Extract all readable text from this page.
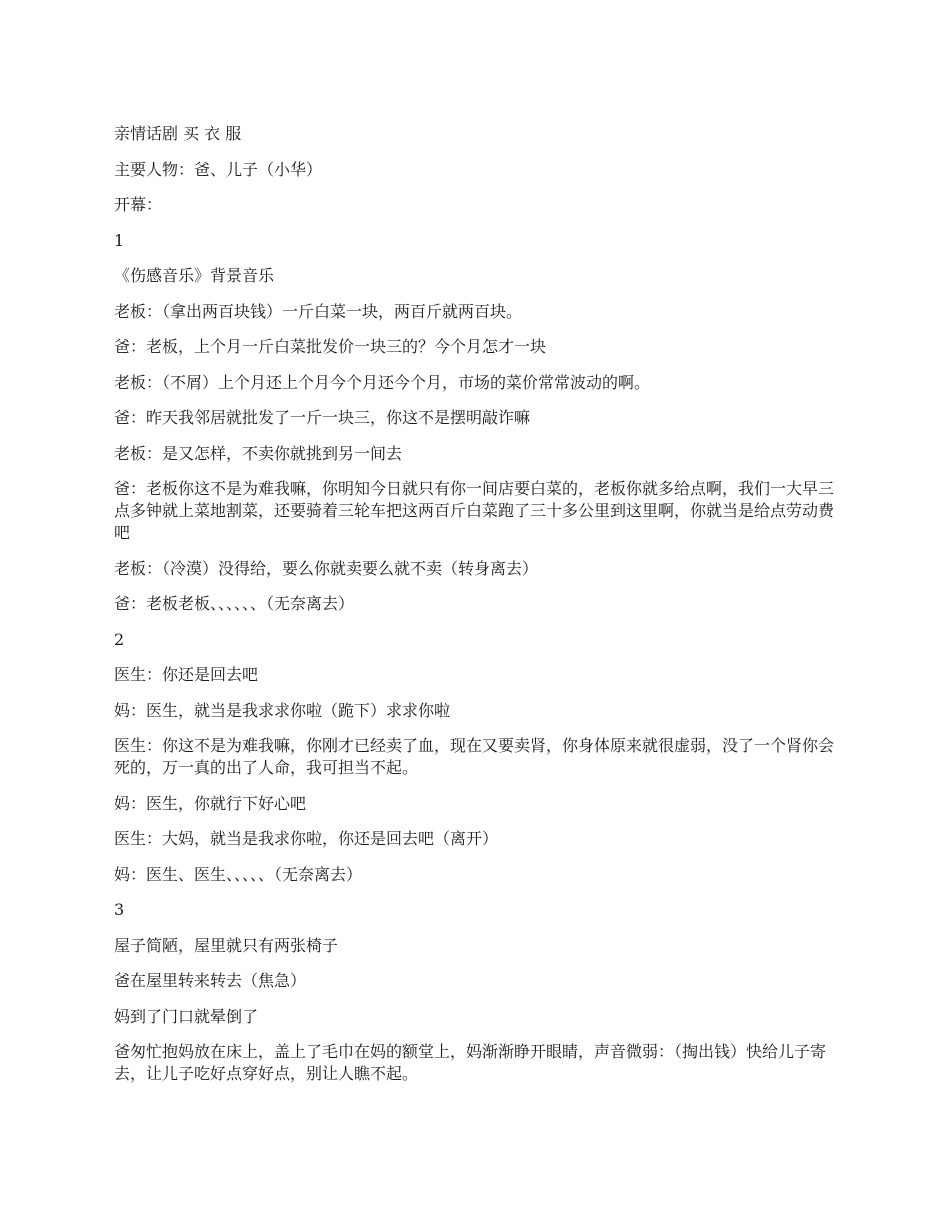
亲情话剧 买 衣 服

主要人物：爸、儿子（小华）

开幕：

1

《伤感音乐》背景音乐

老板：（拿出两百块钱）一斤白菜一块，两百斤就两百块。

爸：老板，上个月一斤白菜批发价一块三的？今个月怎才一块

老板：（不屑）上个月还上个月今个月还今个月，市场的菜价常常波动的啊。

爸：昨天我邻居就批发了一斤一块三，你这不是摆明敲诈嘛

老板：是又怎样，不卖你就挑到另一间去

爸：老板你这不是为难我嘛，你明知今日就只有你一间店要白菜的，老板你就多给点啊，我们一大早三点多钟就上菜地割菜，还要骑着三轮车把这两百斤白菜跑了三十多公里到这里啊，你就当是给点劳动费吧

老板：（冷漠）没得给，要么你就卖要么就不卖（转身离去）

爸：老板老板、、、、、、（无奈离去）

2

医生：你还是回去吧

妈：医生，就当是我求求你啦（跪下）求求你啦

医生：你这不是为难我嘛，你刚才已经卖了血，现在又要卖肾，你身体原来就很虚弱，没了一个肾你会死的，万一真的出了人命，我可担当不起。

妈：医生，你就行下好心吧

医生：大妈，就当是我求你啦，你还是回去吧（离开）

妈：医生、医生、、、、、（无奈离去）

3

屋子简陋，屋里就只有两张椅子

爸在屋里转来转去（焦急）

妈到了门口就晕倒了

爸匆忙抱妈放在床上，盖上了毛巾在妈的额堂上，妈渐渐睁开眼睛，声音微弱：（掏出钱）快给儿子寄去，让儿子吃好点穿好点，别让人瞧不起。
